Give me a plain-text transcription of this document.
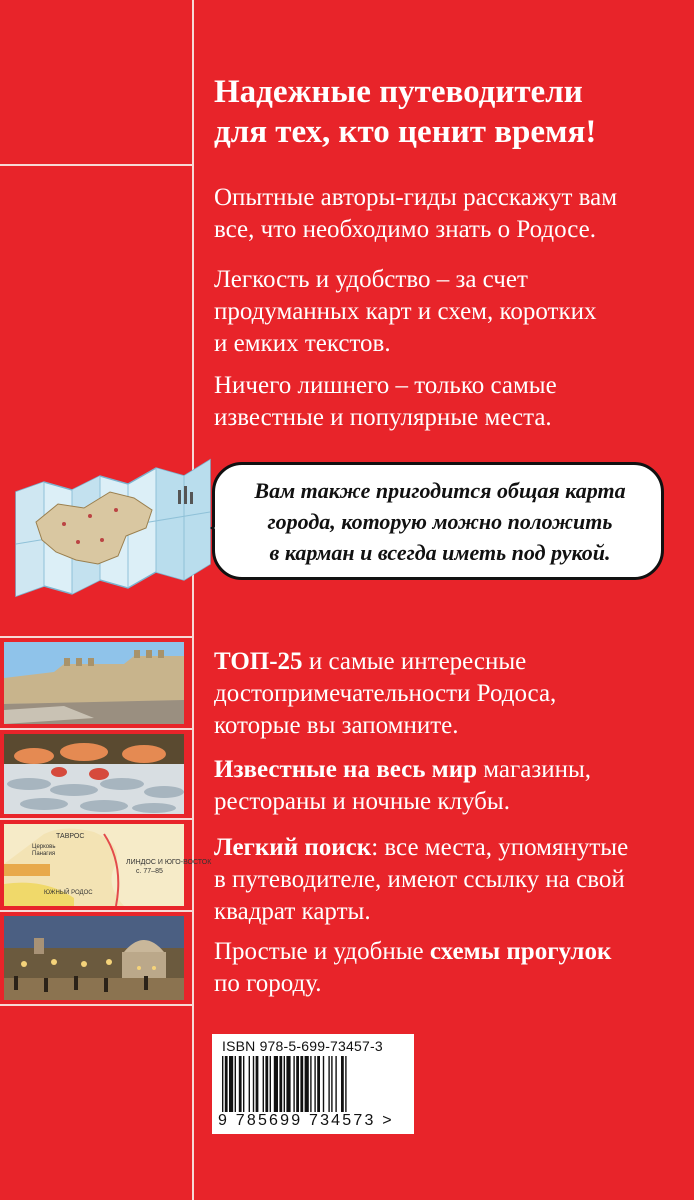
Надежные путеводители
для тех, кто ценит время!
Опытные авторы-гиды расскажут вам
все, что необходимо знать о Родосе.
Легкость и удобство – за счет
продуманных карт и схем, коротких
и емких текстов.
Ничего лишнего – только самые
известные и популярные места.
Вам также пригодится общая карта
города, которую можно положить
в карман и всегда иметь под рукой.
ТАВРОС
Церковь
Панагия
ЛИНДОС И ЮГО-ВОСТОК
с. 77–85
ЮЖНЫЙ РОДОС
ТОП-25 и самые интересные
достопримечательности Родоса,
которые вы запомните.
Известные на весь мир магазины,
рестораны и ночные клубы.
Легкий поиск: все места, упомянутые
в путеводителе, имеют ссылку на свой
квадрат карты.
Простые и удобные схемы прогулок
по городу.
ISBN 978-5-699-73457-3
9 785699 734573 >
